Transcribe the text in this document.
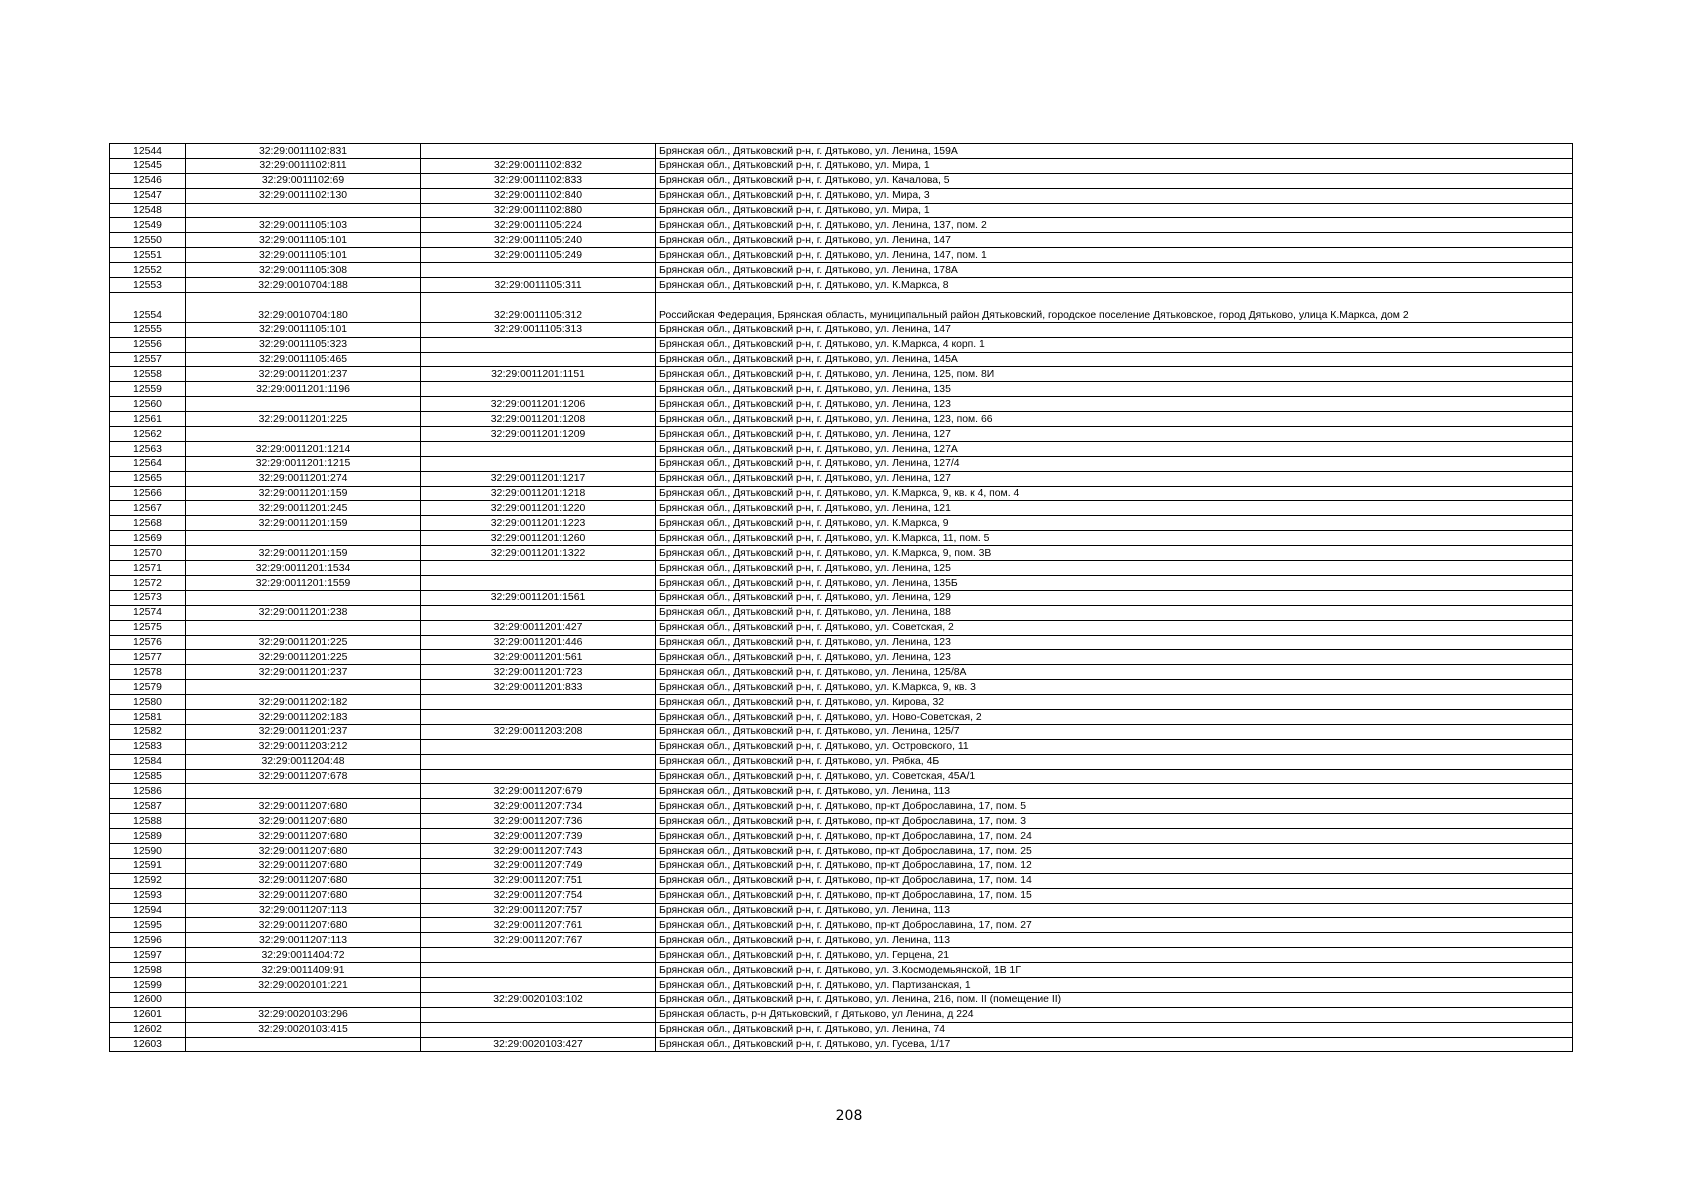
12544	32:29:0011102:831		Брянская обл., Дятьковский р-н, г. Дятьково, ул. Ленина, 159А
12545	32:29:0011102:811	32:29:0011102:832	Брянская обл., Дятьковский р-н, г. Дятьково, ул. Мира, 1
12546	32:29:0011102:69	32:29:0011102:833	Брянская обл., Дятьковский р-н, г. Дятьково, ул. Качалова, 5
12547	32:29:0011102:130	32:29:0011102:840	Брянская обл., Дятьковский р-н, г. Дятьково, ул. Мира, 3
12548		32:29:0011102:880	Брянская обл., Дятьковский р-н, г. Дятьково, ул. Мира, 1
12549	32:29:0011105:103	32:29:0011105:224	Брянская обл., Дятьковский р-н, г. Дятьково, ул. Ленина, 137, пом. 2
12550	32:29:0011105:101	32:29:0011105:240	Брянская обл., Дятьковский р-н, г. Дятьково, ул. Ленина, 147
12551	32:29:0011105:101	32:29:0011105:249	Брянская обл., Дятьковский р-н, г. Дятьково, ул. Ленина, 147, пом. 1
12552	32:29:0011105:308		Брянская обл., Дятьковский р-н, г. Дятьково, ул. Ленина, 178А
12553	32:29:0010704:188	32:29:0011105:311	Брянская обл., Дятьковский р-н, г. Дятьково, ул. К.Маркса, 8
12554	32:29:0010704:180	32:29:0011105:312	Российская Федерация, Брянская область, муниципальный район Дятьковский, городское поселение Дятьковское, город Дятьково, улица К.Маркса, дом 2
12555	32:29:0011105:101	32:29:0011105:313	Брянская обл., Дятьковский р-н, г. Дятьково, ул. Ленина, 147
12556	32:29:0011105:323		Брянская обл., Дятьковский р-н, г. Дятьково, ул. К.Маркса, 4 корп. 1
12557	32:29:0011105:465		Брянская обл., Дятьковский р-н, г. Дятьково, ул. Ленина, 145А
12558	32:29:0011201:237	32:29:0011201:1151	Брянская обл., Дятьковский р-н, г. Дятьково, ул. Ленина, 125, пом. 8И
12559	32:29:0011201:1196		Брянская обл., Дятьковский р-н, г. Дятьково, ул. Ленина, 135
12560		32:29:0011201:1206	Брянская обл., Дятьковский р-н, г. Дятьково, ул. Ленина, 123
12561	32:29:0011201:225	32:29:0011201:1208	Брянская обл., Дятьковский р-н, г. Дятьково, ул. Ленина, 123, пом. 66
12562		32:29:0011201:1209	Брянская обл., Дятьковский р-н, г. Дятьково, ул. Ленина, 127
12563	32:29:0011201:1214		Брянская обл., Дятьковский р-н, г. Дятьково, ул. Ленина, 127А
12564	32:29:0011201:1215		Брянская обл., Дятьковский р-н, г. Дятьково, ул. Ленина, 127/4
12565	32:29:0011201:274	32:29:0011201:1217	Брянская обл., Дятьковский р-н, г. Дятьково, ул. Ленина, 127
12566	32:29:0011201:159	32:29:0011201:1218	Брянская обл., Дятьковский р-н, г. Дятьково, ул. К.Маркса, 9, кв. к 4, пом. 4
12567	32:29:0011201:245	32:29:0011201:1220	Брянская обл., Дятьковский р-н, г. Дятьково, ул. Ленина, 121
12568	32:29:0011201:159	32:29:0011201:1223	Брянская обл., Дятьковский р-н, г. Дятьково, ул. К.Маркса, 9
12569		32:29:0011201:1260	Брянская обл., Дятьковский р-н, г. Дятьково, ул. К.Маркса, 11, пом. 5
12570	32:29:0011201:159	32:29:0011201:1322	Брянская обл., Дятьковский р-н, г. Дятьково, ул. К.Маркса, 9, пом. 3В
12571	32:29:0011201:1534		Брянская обл., Дятьковский р-н, г. Дятьково, ул. Ленина, 125
12572	32:29:0011201:1559		Брянская обл., Дятьковский р-н, г. Дятьково, ул. Ленина, 135Б
12573		32:29:0011201:1561	Брянская обл., Дятьковский р-н, г. Дятьково, ул. Ленина, 129
12574	32:29:0011201:238		Брянская обл., Дятьковский р-н, г. Дятьково, ул. Ленина, 188
12575		32:29:0011201:427	Брянская обл., Дятьковский р-н, г. Дятьково, ул. Советская, 2
12576	32:29:0011201:225	32:29:0011201:446	Брянская обл., Дятьковский р-н, г. Дятьково, ул. Ленина, 123
12577	32:29:0011201:225	32:29:0011201:561	Брянская обл., Дятьковский р-н, г. Дятьково, ул. Ленина, 123
12578	32:29:0011201:237	32:29:0011201:723	Брянская обл., Дятьковский р-н, г. Дятьково, ул. Ленина, 125/8А
12579		32:29:0011201:833	Брянская обл., Дятьковский р-н, г. Дятьково, ул. К.Маркса, 9, кв. 3
12580	32:29:0011202:182		Брянская обл., Дятьковский р-н, г. Дятьково, ул. Кирова, 32
12581	32:29:0011202:183		Брянская обл., Дятьковский р-н, г. Дятьково, ул. Ново-Советская, 2
12582	32:29:0011201:237	32:29:0011203:208	Брянская обл., Дятьковский р-н, г. Дятьково, ул. Ленина, 125/7
12583	32:29:0011203:212		Брянская обл., Дятьковский р-н, г. Дятьково, ул. Островского, 11
12584	32:29:0011204:48		Брянская обл., Дятьковский р-н, г. Дятьково, ул. Рябка, 4Б
12585	32:29:0011207:678		Брянская обл., Дятьковский р-н, г. Дятьково, ул. Советская, 45А/1
12586		32:29:0011207:679	Брянская обл., Дятьковский р-н, г. Дятьково, ул. Ленина, 113
12587	32:29:0011207:680	32:29:0011207:734	Брянская обл., Дятьковский р-н, г. Дятьково, пр-кт Доброславина, 17, пом. 5
12588	32:29:0011207:680	32:29:0011207:736	Брянская обл., Дятьковский р-н, г. Дятьково, пр-кт Доброславина, 17, пом. 3
12589	32:29:0011207:680	32:29:0011207:739	Брянская обл., Дятьковский р-н, г. Дятьково, пр-кт Доброславина, 17, пом. 24
12590	32:29:0011207:680	32:29:0011207:743	Брянская обл., Дятьковский р-н, г. Дятьково, пр-кт Доброславина, 17, пом. 25
12591	32:29:0011207:680	32:29:0011207:749	Брянская обл., Дятьковский р-н, г. Дятьково, пр-кт Доброславина, 17, пом. 12
12592	32:29:0011207:680	32:29:0011207:751	Брянская обл., Дятьковский р-н, г. Дятьково, пр-кт Доброславина, 17, пом. 14
12593	32:29:0011207:680	32:29:0011207:754	Брянская обл., Дятьковский р-н, г. Дятьково, пр-кт Доброславина, 17, пом. 15
12594	32:29:0011207:113	32:29:0011207:757	Брянская обл., Дятьковский р-н, г. Дятьково, ул. Ленина, 113
12595	32:29:0011207:680	32:29:0011207:761	Брянская обл., Дятьковский р-н, г. Дятьково, пр-кт Доброславина, 17, пом. 27
12596	32:29:0011207:113	32:29:0011207:767	Брянская обл., Дятьковский р-н, г. Дятьково, ул. Ленина, 113
12597	32:29:0011404:72		Брянская обл., Дятьковский р-н, г. Дятьково, ул. Герцена, 21
12598	32:29:0011409:91		Брянская обл., Дятьковский р-н, г. Дятьково, ул. З.Космодемьянской, 1В 1Г
12599	32:29:0020101:221		Брянская обл., Дятьковский р-н, г. Дятьково, ул. Партизанская, 1
12600		32:29:0020103:102	Брянская обл., Дятьковский р-н, г. Дятьково, ул. Ленина, 216, пом. II (помещение II)
12601	32:29:0020103:296		Брянская область, р-н Дятьковский, г Дятьково, ул Ленина, д 224
12602	32:29:0020103:415		Брянская обл., Дятьковский р-н, г. Дятьково, ул. Ленина, 74
12603		32:29:0020103:427	Брянская обл., Дятьковский р-н, г. Дятьково, ул. Гусева, 1/17
208
